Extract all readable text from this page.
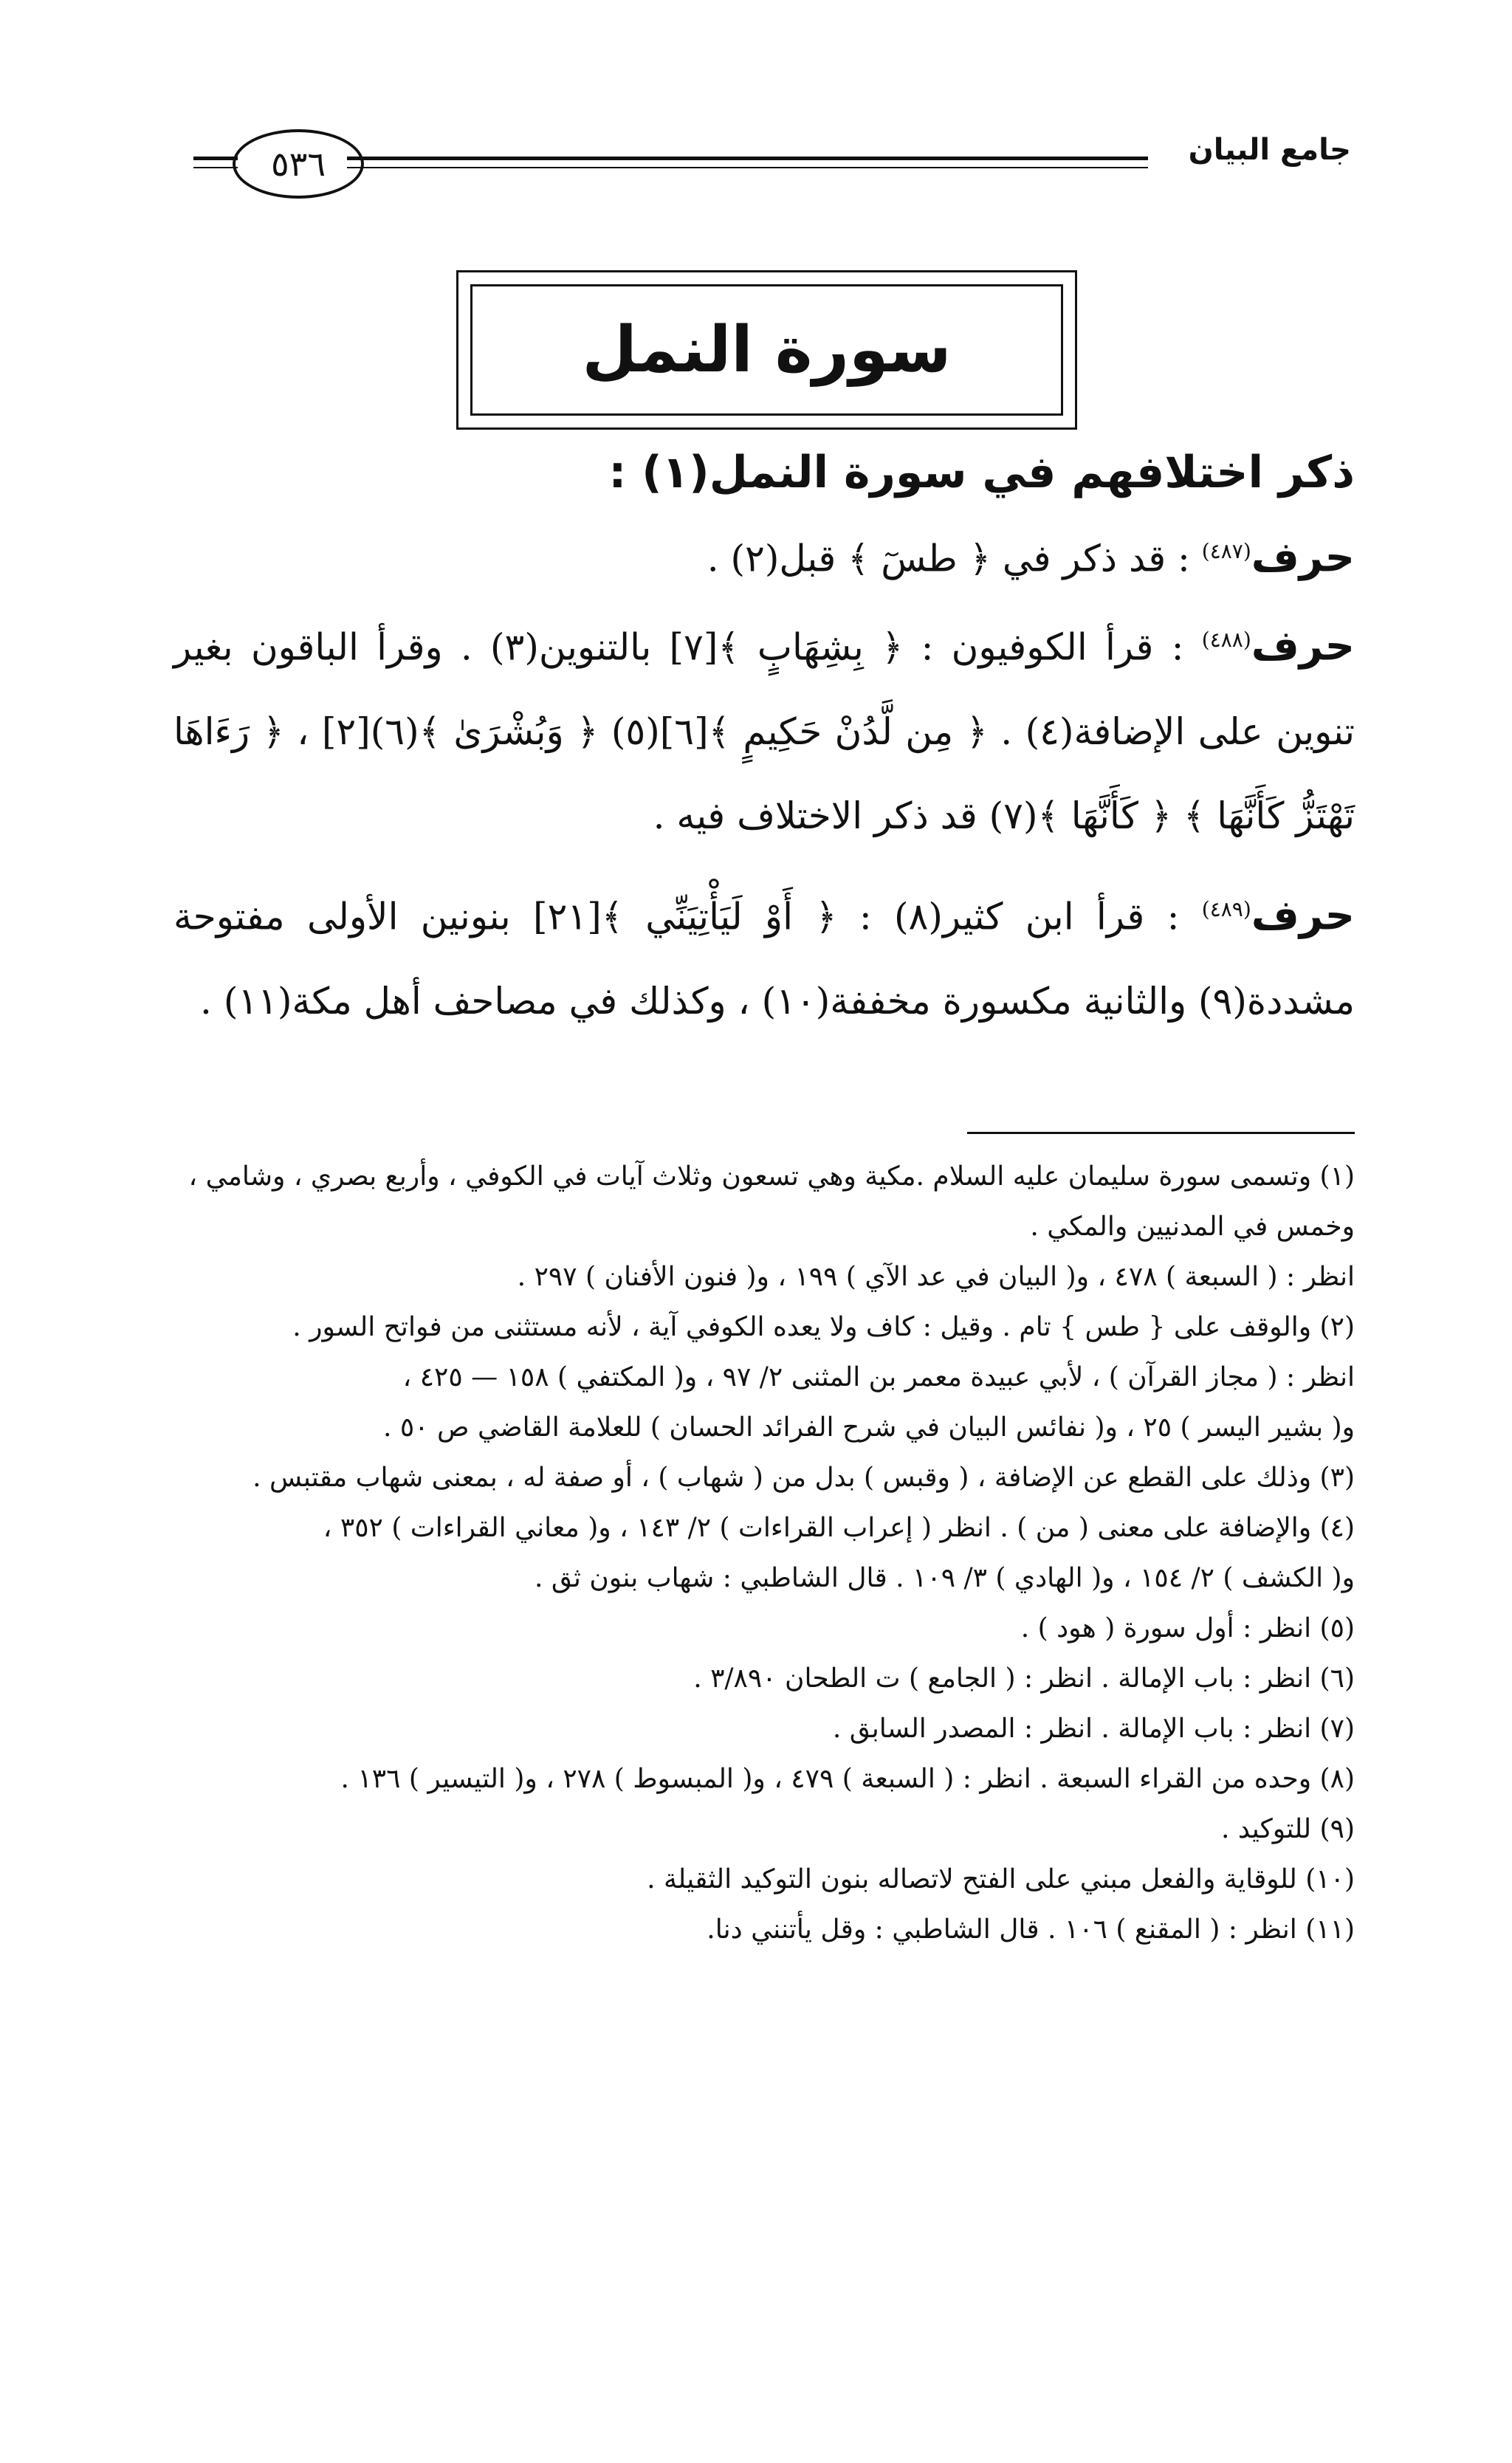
جامع البيان
٥٣٦
سورة النمل
ذكر اختلافهم في سورة النمل(١) :

حرف$^{(٤٨٧)}$ : قد ذكر في ﴿ طسٓ ﴾ قبل(٢) .

حرف$^{(٤٨٨)}$ : قرأ الكوفيون : ﴿ بِشِهَابٍ ﴾[٧] بالتنوين(٣) . وقرأ الباقون بغير تنوين على الإضافة(٤) . ﴿ مِن لَّدُنْ حَكِيمٍ ﴾[٦](٥) ﴿ وَبُشْرَىٰ ﴾(٦)[٢] ، ﴿ رَءَاهَا تَهْتَزُّ كَأَنَّهَا ﴾ ﴿ كَأَنَّهَا ﴾(٧) قد ذكر الاختلاف فيه .

حرف$^{(٤٨٩)}$ : قرأ ابن كثير(٨) : ﴿ أَوْ لَيَأْتِيَنِّي ﴾[٢١] بنونين الأولى مفتوحة مشددة(٩) والثانية مكسورة مخففة(١٠) ، وكذلك في مصاحف أهل مكة(١١) .

(١) وتسمى سورة سليمان عليه السلام .مكية وهي تسعون وثلاث آيات في الكوفي ، وأربع بصري ، وشامي ، وخمس في المدنيين والمكي .

انظر : ( السبعة ) ٤٧٨ ، و( البيان في عد الآي ) ١٩٩ ، و( فنون الأفنان ) ٢٩٧ .

(٢) والوقف على { طس } تام . وقيل : كاف ولا يعده الكوفي آية ، لأنه مستثنى من فواتح السور .

انظر : ( مجاز القرآن ) ، لأبي عبيدة معمر بن المثنى ٢/ ٩٧ ، و( المكتفي ) ١٥٨ — ٤٢٥ ،

و( بشير اليسر ) ٢٥ ، و( نفائس البيان في شرح الفرائد الحسان ) للعلامة القاضي ص ٥٠ .

(٣) وذلك على القطع عن الإضافة ، ( وقبس ) بدل من ( شهاب ) ، أو صفة له ، بمعنى شهاب مقتبس .

(٤) والإضافة على معنى ( من ) . انظر ( إعراب القراءات ) ٢/ ١٤٣ ، و( معاني القراءات ) ٣٥٢ ،

و( الكشف ) ٢/ ١٥٤ ، و( الهادي ) ٣/ ١٠٩ . قال الشاطبي : شهاب بنون ثق .

(٥) انظر : أول سورة ( هود ) .

(٦) انظر : باب الإمالة . انظر : ( الجامع ) ت الطحان ٣/٨٩٠ .

(٧) انظر : باب الإمالة . انظر : المصدر السابق .

(٨) وحده من القراء السبعة . انظر : ( السبعة ) ٤٧٩ ، و( المبسوط ) ٢٧٨ ، و( التيسير ) ١٣٦ .

(٩) للتوكيد .

(١٠) للوقاية والفعل مبني على الفتح لاتصاله بنون التوكيد الثقيلة .

(١١) انظر : ( المقنع ) ١٠٦ . قال الشاطبي : وقل يأتنني دنا.
